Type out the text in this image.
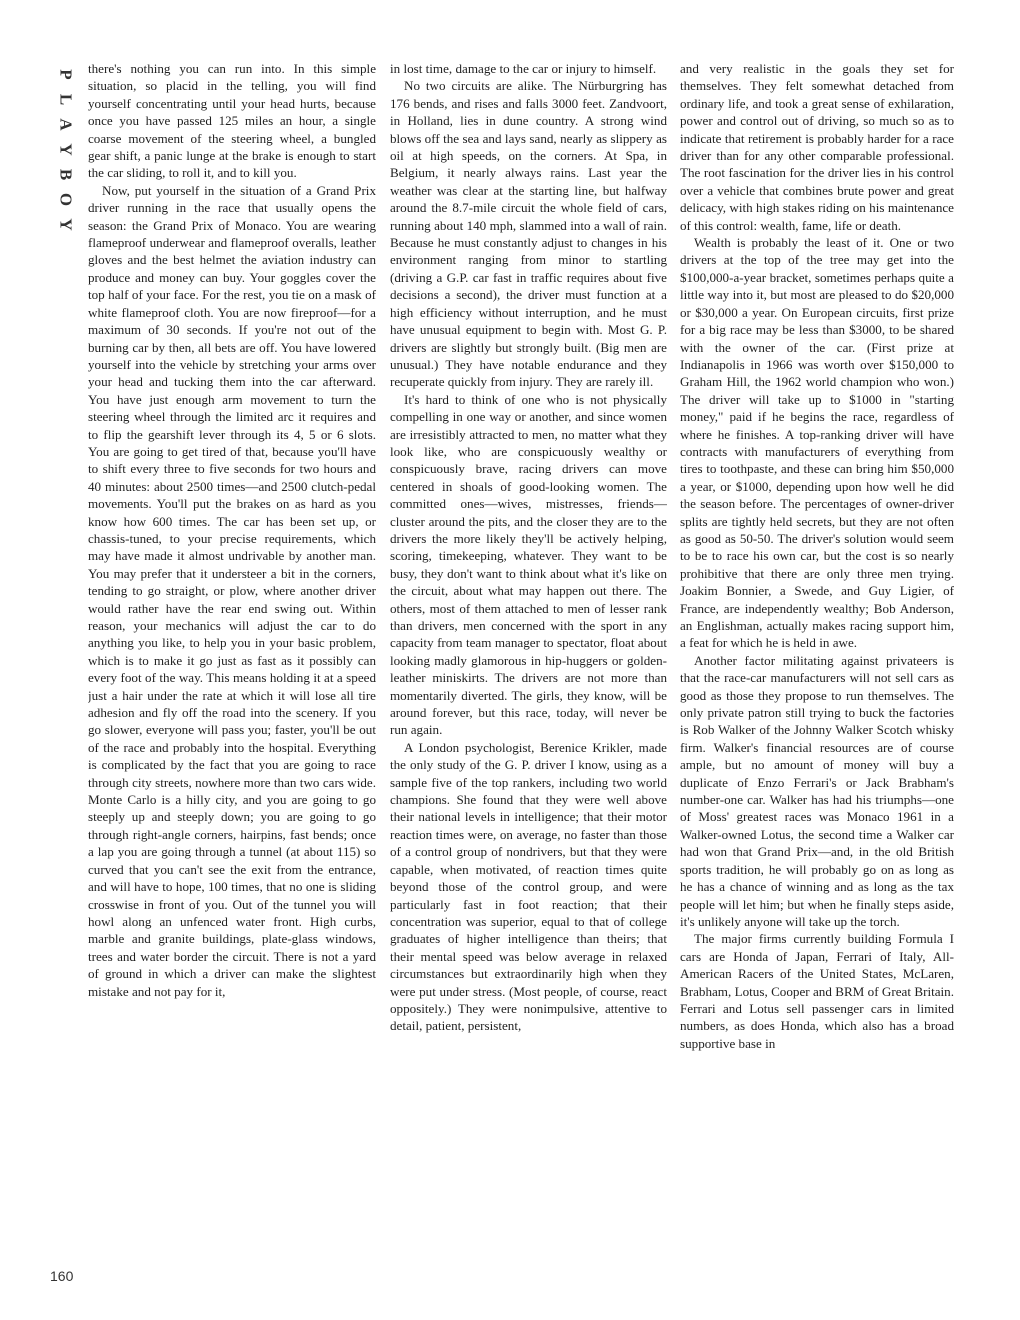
P
L
A
Y
B
O
Y
160

there's nothing you can run into. In this simple situation, so placid in the telling, you will find yourself concentrating until your head hurts, because once you have passed 125 miles an hour, a single coarse movement of the steering wheel, a bungled gear shift, a panic lunge at the brake is enough to start the car sliding, to roll it, and to kill you.

Now, put yourself in the situation of a Grand Prix driver running in the race that usually opens the season: the Grand Prix of Monaco. You are wearing flameproof underwear and flameproof overalls, leather gloves and the best helmet the aviation industry can produce and money can buy. Your goggles cover the top half of your face. For the rest, you tie on a mask of white flameproof cloth. You are now fireproof—for a maximum of 30 seconds. If you're not out of the burning car by then, all bets are off. You have lowered yourself into the vehicle by stretching your arms over your head and tucking them into the car afterward. You have just enough arm movement to turn the steering wheel through the limited arc it requires and to flip the gearshift lever through its 4, 5 or 6 slots. You are going to get tired of that, because you'll have to shift every three to five seconds for two hours and 40 minutes: about 2500 times—and 2500 clutch-pedal movements. You'll put the brakes on as hard as you know how 600 times. The car has been set up, or chassis-tuned, to your precise requirements, which may have made it almost undrivable by another man. You may prefer that it understeer a bit in the corners, tending to go straight, or plow, where another driver would rather have the rear end swing out. Within reason, your mechanics will adjust the car to do anything you like, to help you in your basic problem, which is to make it go just as fast as it possibly can every foot of the way. This means holding it at a speed just a hair under the rate at which it will lose all tire adhesion and fly off the road into the scenery. If you go slower, everyone will pass you; faster, you'll be out of the race and probably into the hospital. Everything is complicated by the fact that you are going to race through city streets, nowhere more than two cars wide. Monte Carlo is a hilly city, and you are going to go steeply up and steeply down; you are going to go through right-angle corners, hairpins, fast bends; once a lap you are going through a tunnel (at about 115) so curved that you can't see the exit from the entrance, and will have to hope, 100 times, that no one is sliding crosswise in front of you. Out of the tunnel you will howl along an unfenced water front. High curbs, marble and granite buildings, plate-glass windows, trees and water border the circuit. There is not a yard of ground in which a driver can make the slightest mistake and not pay for it,

in lost time, damage to the car or injury to himself.

No two circuits are alike. The Nürburgring has 176 bends, and rises and falls 3000 feet. Zandvoort, in Holland, lies in dune country. A strong wind blows off the sea and lays sand, nearly as slippery as oil at high speeds, on the corners. At Spa, in Belgium, it nearly always rains. Last year the weather was clear at the starting line, but halfway around the 8.7-mile circuit the whole field of cars, running about 140 mph, slammed into a wall of rain. Because he must constantly adjust to changes in his environment ranging from minor to startling (driving a G.P. car fast in traffic requires about five decisions a second), the driver must function at a high efficiency without interruption, and he must have unusual equipment to begin with. Most G. P. drivers are slightly but strongly built. (Big men are unusual.) They have notable endurance and they recuperate quickly from injury. They are rarely ill.

It's hard to think of one who is not physically compelling in one way or another, and since women are irresistibly attracted to men, no matter what they look like, who are conspicuously wealthy or conspicuously brave, racing drivers can move centered in shoals of good-looking women. The committed ones—wives, mistresses, friends—cluster around the pits, and the closer they are to the drivers the more likely they'll be actively helping, scoring, timekeeping, whatever. They want to be busy, they don't want to think about what it's like on the circuit, about what may happen out there. The others, most of them attached to men of lesser rank than drivers, men concerned with the sport in any capacity from team manager to spectator, float about looking madly glamorous in hip-huggers or golden-leather miniskirts. The drivers are not more than momentarily diverted. The girls, they know, will be around forever, but this race, today, will never be run again.

A London psychologist, Berenice Krikler, made the only study of the G. P. driver I know, using as a sample five of the top rankers, including two world champions. She found that they were well above their national levels in intelligence; that their motor reaction times were, on average, no faster than those of a control group of nondrivers, but that they were capable, when motivated, of reaction times quite beyond those of the control group, and were particularly fast in foot reaction; that their concentration was superior, equal to that of college graduates of higher intelligence than theirs; that their mental speed was below average in relaxed circumstances but extraordinarily high when they were put under stress. (Most people, of course, react oppositely.) They were nonimpulsive, attentive to detail, patient, persistent,

and very realistic in the goals they set for themselves. They felt somewhat detached from ordinary life, and took a great sense of exhilaration, power and control out of driving, so much so as to indicate that retirement is probably harder for a race driver than for any other comparable professional. The root fascination for the driver lies in his control over a vehicle that combines brute power and great delicacy, with high stakes riding on his maintenance of this control: wealth, fame, life or death.

Wealth is probably the least of it. One or two drivers at the top of the tree may get into the $100,000-a-year bracket, sometimes perhaps quite a little way into it, but most are pleased to do $20,000 or $30,000 a year. On European circuits, first prize for a big race may be less than $3000, to be shared with the owner of the car. (First prize at Indianapolis in 1966 was worth over $150,000 to Graham Hill, the 1962 world champion who won.) The driver will take up to $1000 in "starting money," paid if he begins the race, regardless of where he finishes. A top-ranking driver will have contracts with manufacturers of everything from tires to toothpaste, and these can bring him $50,000 a year, or $1000, depending upon how well he did the season before. The percentages of owner-driver splits are tightly held secrets, but they are not often as good as 50-50. The driver's solution would seem to be to race his own car, but the cost is so nearly prohibitive that there are only three men trying. Joakim Bonnier, a Swede, and Guy Ligier, of France, are independently wealthy; Bob Anderson, an Englishman, actually makes racing support him, a feat for which he is held in awe.

Another factor militating against privateers is that the race-car manufacturers will not sell cars as good as those they propose to run themselves. The only private patron still trying to buck the factories is Rob Walker of the Johnny Walker Scotch whisky firm. Walker's financial resources are of course ample, but no amount of money will buy a duplicate of Enzo Ferrari's or Jack Brabham's number-one car. Walker has had his triumphs—one of Moss' greatest races was Monaco 1961 in a Walker-owned Lotus, the second time a Walker car had won that Grand Prix—and, in the old British sports tradition, he will probably go on as long as he has a chance of winning and as long as the tax people will let him; but when he finally steps aside, it's unlikely anyone will take up the torch.

The major firms currently building Formula I cars are Honda of Japan, Ferrari of Italy, All-American Racers of the United States, McLaren, Brabham, Lotus, Cooper and BRM of Great Britain. Ferrari and Lotus sell passenger cars in limited numbers, as does Honda, which also has a broad supportive base in
